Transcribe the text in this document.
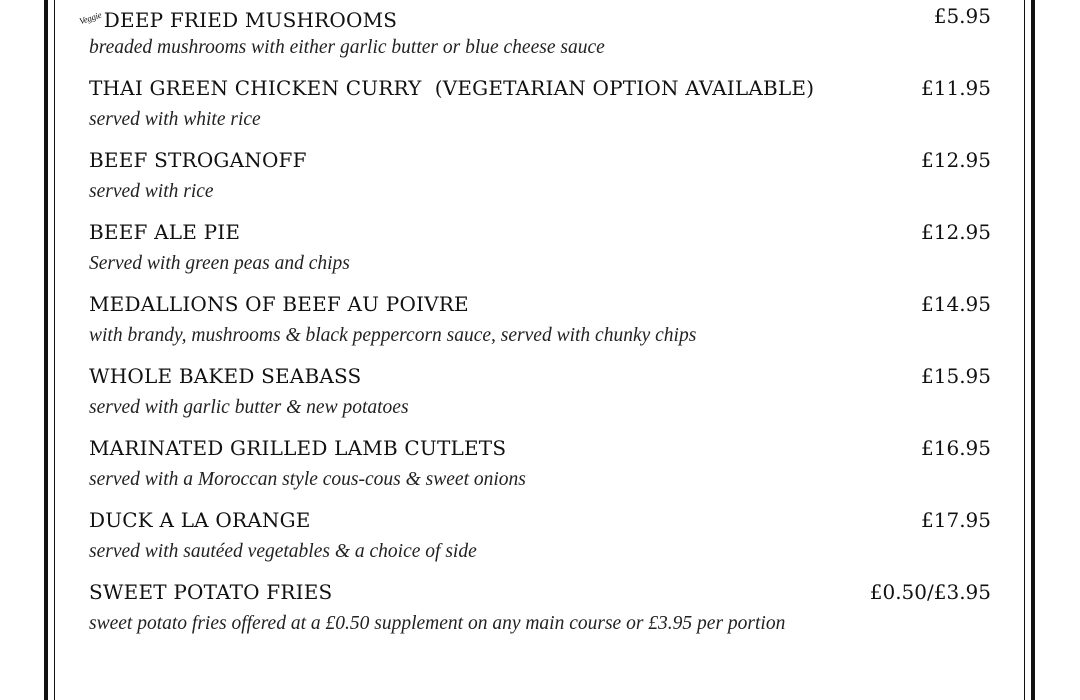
Veggie DEEP FRIED MUSHROOMS	£5.95
breaded mushrooms with either garlic butter or blue cheese sauce
THAI GREEN CHICKEN CURRY  (VEGETARIAN OPTION AVAILABLE)	£11.95
served with white rice
BEEF STROGANOFF	£12.95
served with rice
BEEF ALE PIE	£12.95
Served with green peas and chips
MEDALLIONS OF BEEF AU POIVRE	£14.95
with brandy, mushrooms & black peppercorn sauce, served with chunky chips
WHOLE BAKED SEABASS	£15.95
served with garlic butter & new potatoes
MARINATED GRILLED LAMB CUTLETS	£16.95
served with a Moroccan style cous-cous & sweet onions
DUCK A LA ORANGE	£17.95
served with sautéed vegetables & a choice of side
SWEET POTATO FRIES	£0.50/£3.95
sweet potato fries offered at a £0.50 supplement on any main course or £3.95 per portion
